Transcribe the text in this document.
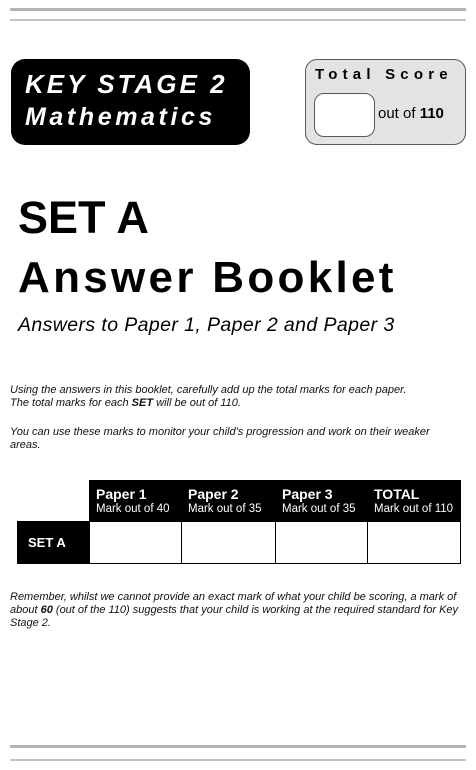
KEY STAGE 2
Mathematics
Total Score
out of 110
SET A
Answer Booklet
Answers to Paper 1, Paper 2 and Paper 3
Using the answers in this booklet, carefully add up the total marks for each paper.
The total marks for each SET will be out of 110.
You can use these marks to monitor your child's progression and work on their weaker areas.
Paper 1
Mark out of 40
Paper 2
Mark out of 35
Paper 3
Mark out of 35
TOTAL
Mark out of 110
SET A
Remember, whilst we cannot provide an exact mark of what your child be scoring, a mark of about 60 (out of the 110) suggests that your child is working at the required standard for Key Stage 2.
